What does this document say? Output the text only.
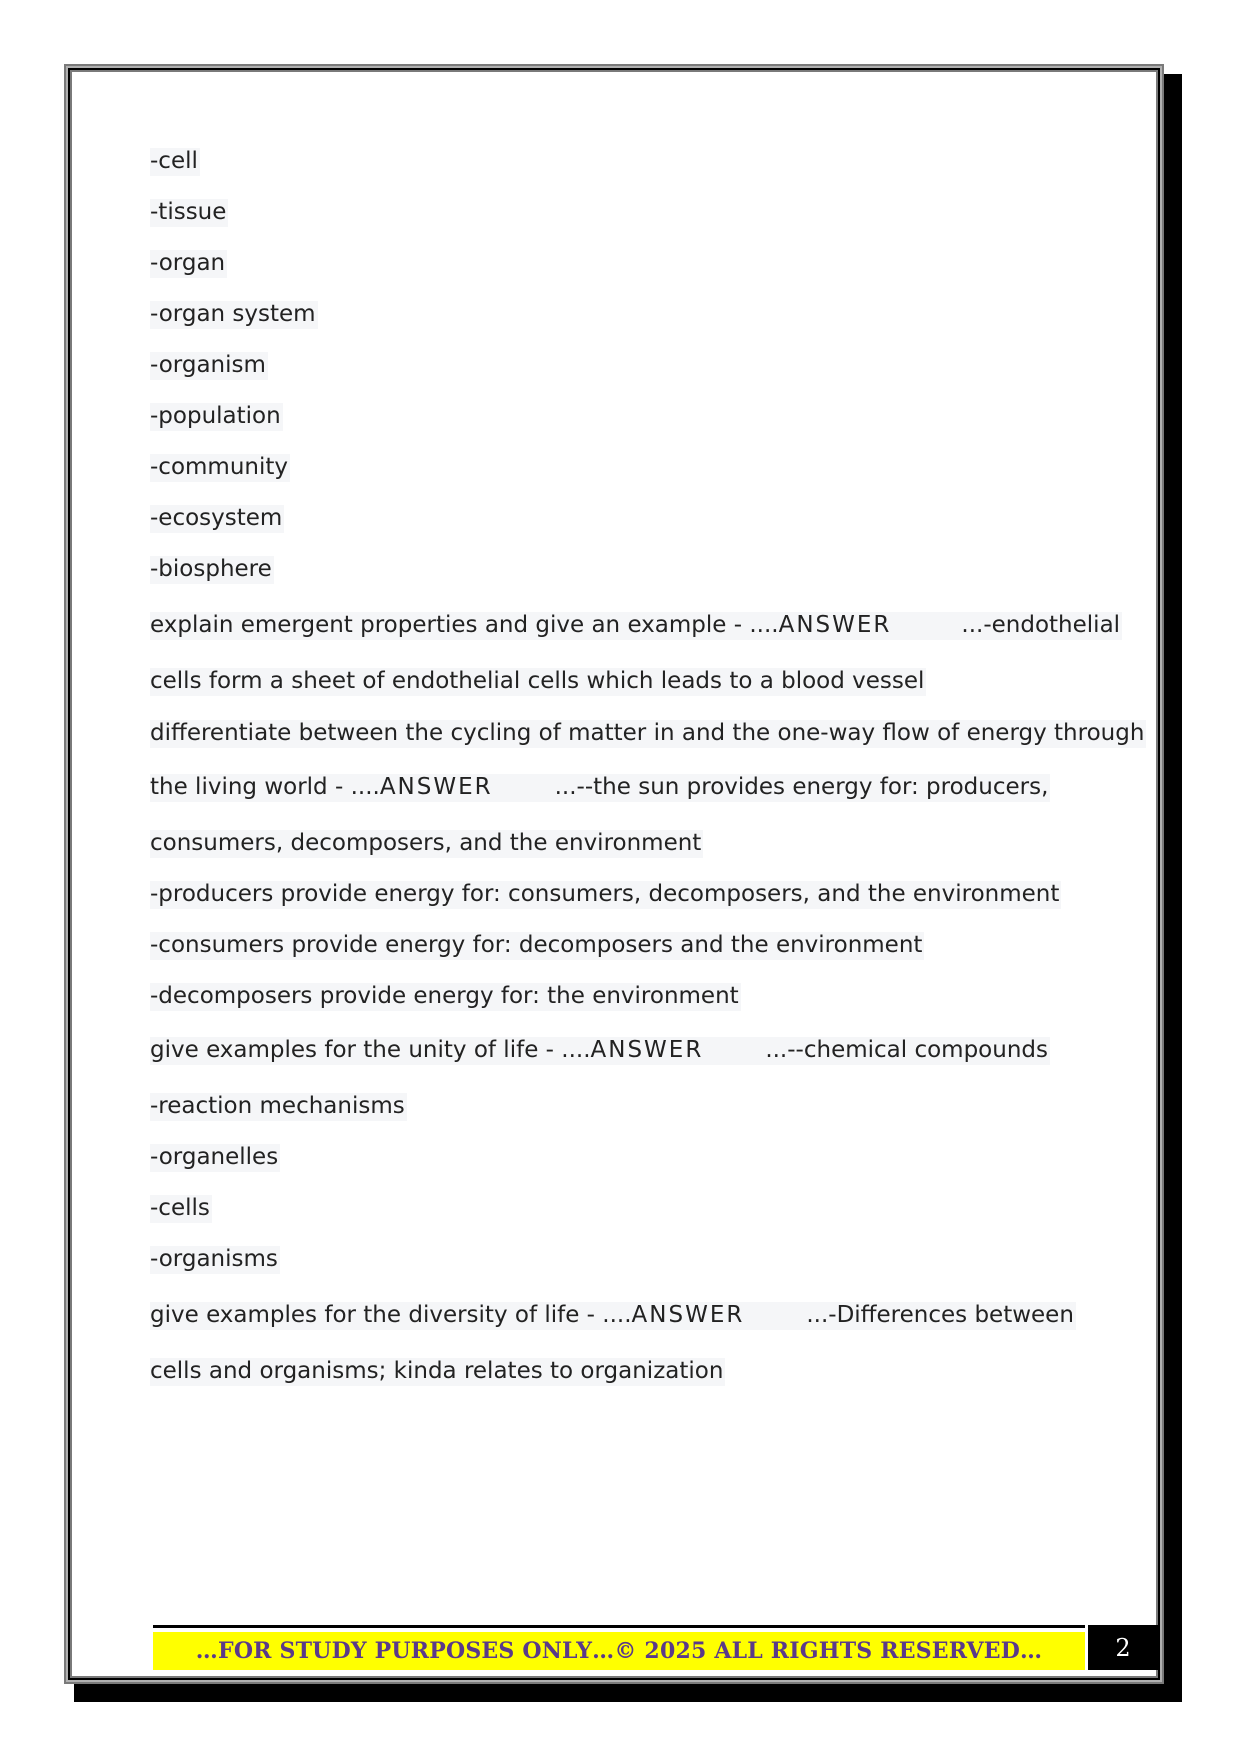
-cell
-tissue
-organ
-organ system
-organism
-population
-community
-ecosystem
-biosphere
explain emergent properties and give an example - ....ANSWER	...-endothelial
cells form a sheet of endothelial cells which leads to a blood vessel
differentiate between the cycling of matter in and the one-way flow of energy through
the living world - ....ANSWER	...--the sun provides energy for: producers,
consumers, decomposers, and the environment
-producers provide energy for: consumers, decomposers, and the environment
-consumers provide energy for: decomposers and the environment
-decomposers provide energy for: the environment
give examples for the unity of life - ....ANSWER	...--chemical compounds
-reaction mechanisms
-organelles
-cells
-organisms
give examples for the diversity of life - ....ANSWER	...-Differences between
cells and organisms; kinda relates to organization
…FOR STUDY PURPOSES ONLY…© 2025 ALL RIGHTS RESERVED…	2
